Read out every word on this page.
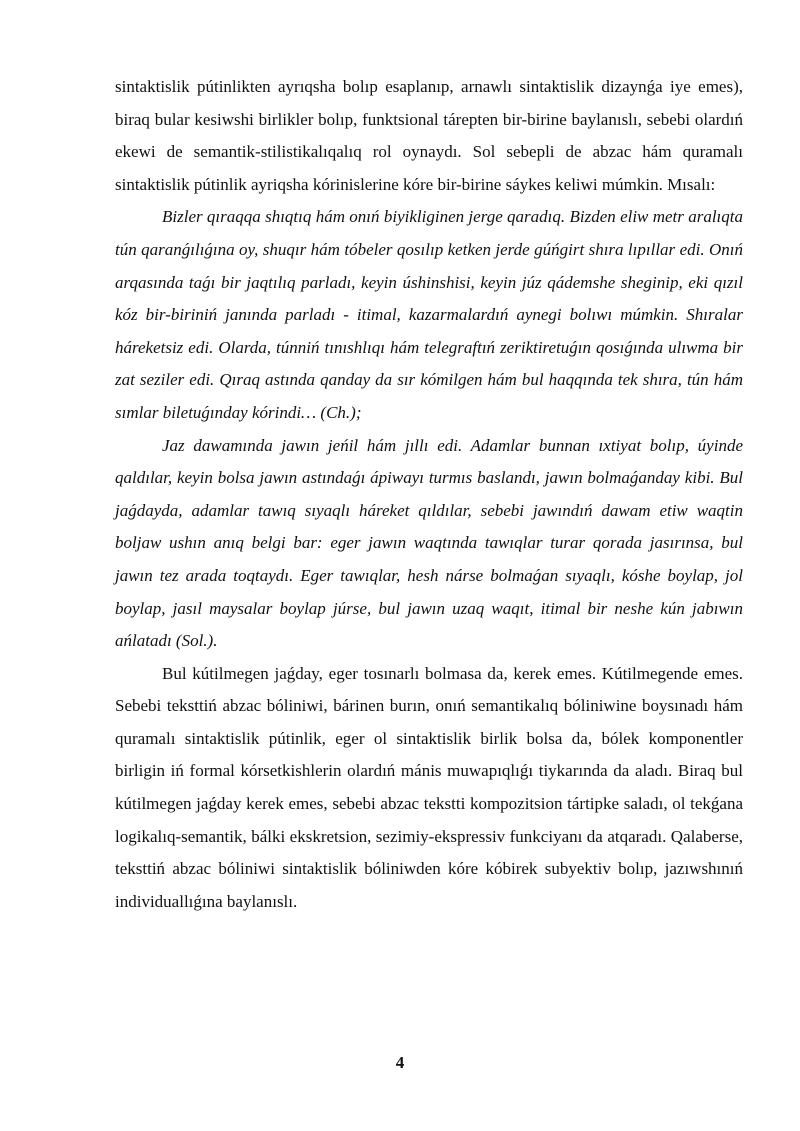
sintaktislik pútinlikten ayrıqsha bolıp esaplanıp, arnawlı sintaktislik dizaynǵa iye emes), biraq bular kesiwshi birlikler bolıp, funktsional tárepten bir-birine baylanıslı, sebebi olardıń ekewi de semantik-stilistikalıqalıq rol oynaydı. Sol sebepli de abzac hám quramalı sintaktislik pútinlik ayriqsha kórinislerine kóre bir-birine sáykes keliwi múmkin. Mısalı:

Bizler qıraqqa shıqtıq hám onıń biyikliginen jerge qaradıq. Bizden eliw metr aralıqta tún qaranǵılıǵına oy, shuqır hám tóbeler qosılıp ketken jerde gúńgirt shıra lıpıllar edi. Onıń arqasında taǵı bir jaqtılıq parladı, keyin úshinshisi, keyin júz qádemshe sheginip, eki qızıl kóz bir-biriniń janında parladı - itimal, kazarmalardıń aynegi bolıwı múmkin. Shıralar hárekеtsiz edi. Olarda, túnniń tınıshlıqı hám telegraftıń zeriktiretuǵın qosıǵında ulıwma bir zat seziler edi. Qıraq astında qanday da sır kómilgen hám bul haqqında tek shıra, tún hám sımlar biletuǵınday kórindi… (Ch.);

Jaz dawamında jawın jeńil hám jıllı edi. Adamlar bunnan ıxtiyat bolıp, úyinde qaldılar, keyin bolsa jawın astındaǵı ápiwayı turmıs baslandı, jawın bolmaǵanday kibi. Bul jaǵdayda, adamlar tawıq sıyaqlı háreket qıldılar, sebebi jawındıń dawam etiw waqtin boljaw ushın anıq belgi bar: eger jawın waqtında tawıqlar turar qorada jasırınsa, bul jawın tez arada toqtaydı. Eger tawıqlar, hesh nárse bolmaǵan sıyaqlı, kóshe boylap, jol boylap, jasıl maysalar boylap júrse, bul jawın uzaq waqıt, itimal bir neshe kún jabıwın ańlatadı (Sol.).

Bul kútilmegen jaǵday, eger tosınarlı bolmasa da, kerek emes. Kútilmegende emes. Sebebi teksttiń abzac bóliniwi, bárinen burın, onıń semantikalıq bóliniwine boysınadı hám quramalı sintaktislik pútinlik, eger ol sintaktislik birlik bolsa da, bólek komponentler birligin iń formal kórsetkishlerin olardıń mánis muwapıqlıǵı tiykarında da aladı. Biraq bul kútilmegen jaǵday kerek emes, sebebi abzac tekstti kompozitsion tártipke saladı, ol tekǵana logikalıq-semantik, bálki ekskretsion, sezimiy-ekspressiv funkciyanı da atqaradı. Qalaberse, teksttiń abzac bóliniwi sintaktislik bóliniwden kóre kóbirek subyektiv bolıp, jazıwshınıń individuallıǵına baylanıslı.

4
